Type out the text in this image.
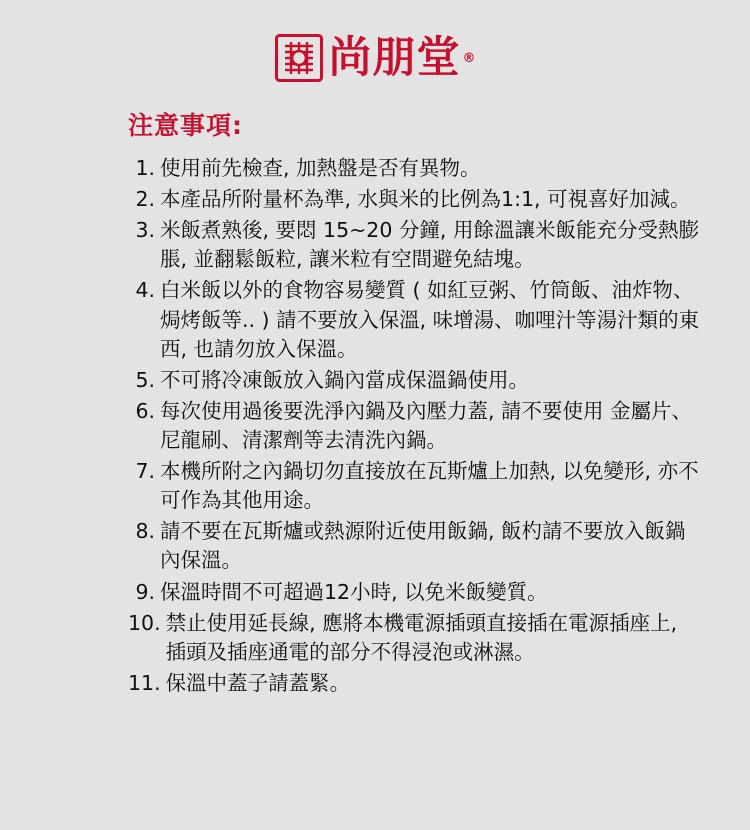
尚朋堂 ®
注意事項:
1. 使用前先檢查, 加熱盤是否有異物。
2. 本產品所附量杯為準, 水與米的比例為1:1, 可視喜好加減。
3. 米飯煮熟後, 要悶 15~20 分鐘, 用餘溫讓米飯能充分受熱膨脹, 並翻鬆飯粒, 讓米粒有空間避免結塊。
4. 白米飯以外的食物容易變質 ( 如紅豆粥、竹筒飯、油炸物、焗烤飯等.. ) 請不要放入保溫, 味增湯、咖哩汁等湯汁類的東西, 也請勿放入保溫。
5. 不可將冷凍飯放入鍋內當成保溫鍋使用。
6. 每次使用過後要洗淨內鍋及內壓力蓋, 請不要使用 金屬片、尼龍刷、清潔劑等去清洗內鍋。
7. 本機所附之內鍋切勿直接放在瓦斯爐上加熱, 以免變形, 亦不可作為其他用途。
8. 請不要在瓦斯爐或熱源附近使用飯鍋, 飯杓請不要放入飯鍋內保溫。
9. 保溫時間不可超過12小時, 以免米飯變質。
10. 禁止使用延長線, 應將本機電源插頭直接插在電源插座上, 插頭及插座通電的部分不得浸泡或淋濕。
11. 保溫中蓋子請蓋緊。
